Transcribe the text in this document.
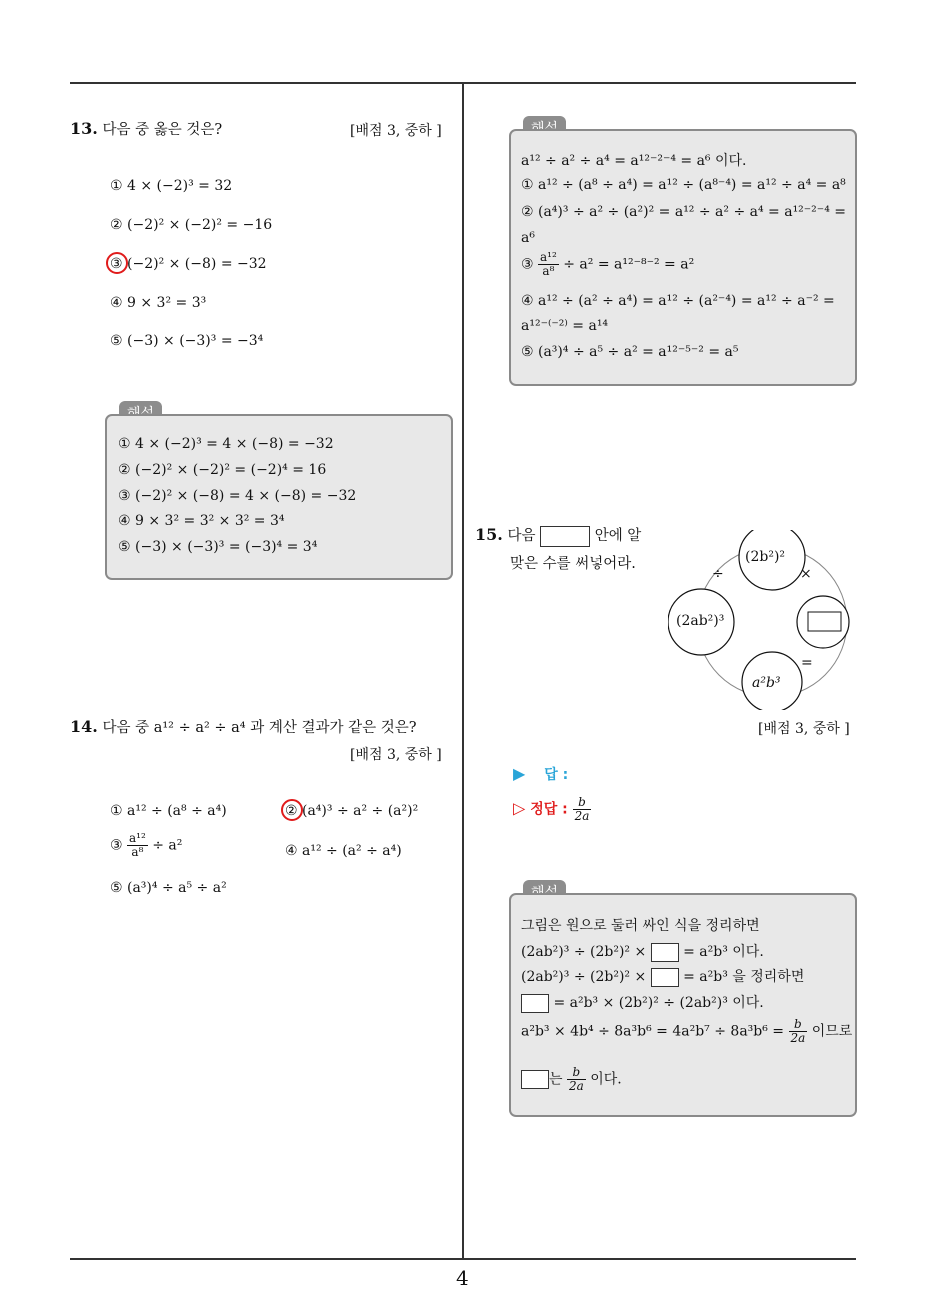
4
13. 다음 중 옳은 것은?	[배점 3, 중하 ]
① 4 × (−2)³ = 32
② (−2)² × (−2)² = −16
③ (−2)² × (−8) = −32
④ 9 × 3² = 3³
⑤ (−3) × (−3)³ = −3⁴
① 4 × (−2)³ = 4 × (−8) = −32
② (−2)² × (−2)² = (−2)⁴ = 16
③ (−2)² × (−8) = 4 × (−8) = −32
④ 9 × 3² = 3² × 3² = 3⁴
⑤ (−3) × (−3)³ = (−3)⁴ = 3⁴
14. 다음 중 a¹² ÷ a² ÷ a⁴ 과 계산 결과가 같은 것은?
[배점 3, 중하 ]
① a¹² ÷ (a⁸ ÷ a⁴)	② (a⁴)³ ÷ a² ÷ (a²)²
③ $\frac{\text{a¹²}}{\text{a⁸}} \div a^2$	④ a¹² ÷ (a² ÷ a⁴)
⑤ (a³)⁴ ÷ a⁵ ÷ a²
a¹² ÷ a² ÷ a⁴ = a¹²⁻²⁻⁴ = a⁶ 이다.
① a¹² ÷ (a⁸ ÷ a⁴) = a¹² ÷ (a⁸⁻⁴) = a¹² ÷ a⁴ = a⁸
② (a⁴)³ ÷ a² ÷ (a²)² = a¹² ÷ a² ÷ a⁴ = a¹²⁻²⁻⁴ =
a⁶
③ $\frac{\text{a¹²}}{\text{a⁸}} \div a^2 = a^{12-8-2} = a^2$
④ a¹² ÷ (a² ÷ a⁴) = a¹² ÷ (a²⁻⁴) = a¹² ÷ a⁻² =
a¹²⁻⁽⁻²⁾ = a¹⁴
⑤ (a³)⁴ ÷ a⁵ ÷ a² = a¹²⁻⁵⁻² = a⁵
15. 다음	안에 알
맞은 수를 써넣어라.	(2b²)²
(2ab²)³
a²b³
÷	×
=
[배점 3, 중하 ]
▶ 답 :
▷ 정답 : $\frac{b}{2a}$
그림은 원으로 둘러 싸인 식을 정리하면
(2ab²)³ ÷ (2b²)² ×	= a²b³ 이다.
(2ab²)³ ÷ (2b²)² ×	= a²b³ 을 정리하면
= a²b³ × (2b²)² ÷ (2ab²)³ 이다.
$a^2b^3 \times 4b^4 \div 8a^3b^6 = 4a^2b^7 \div 8a^3b^6 = \frac{b}{2a}$ 이므로
는 $\frac{b}{2a}$ 이다.
